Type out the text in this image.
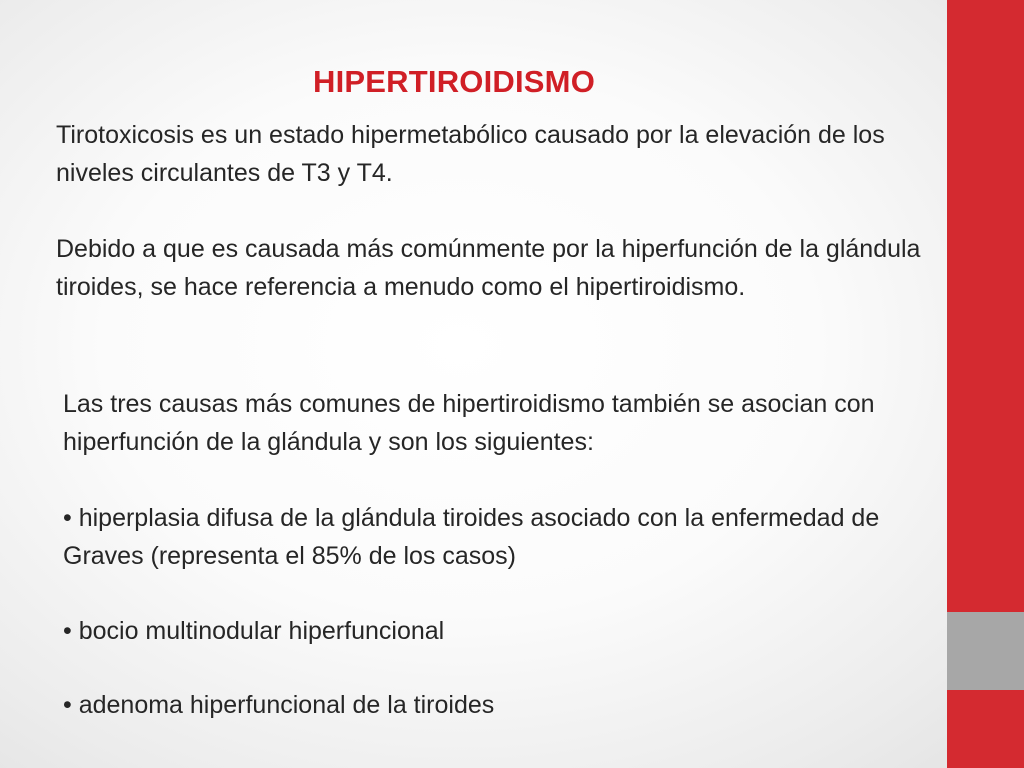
HIPERTIROIDISMO

Tirotoxicosis es un estado hipermetabólico causado por la elevación de los niveles circulantes de T3 y T4.

Debido a que es causada más comúnmente por la hiperfunción de la glándula tiroides, se hace referencia a menudo como el hipertiroidismo.

Las tres causas más comunes de hipertiroidismo también se asocian con hiperfunción de la glándula y son los siguientes:

• hiperplasia difusa de la glándula tiroides asociado con la enfermedad de Graves (representa el 85% de los casos)

• bocio multinodular hiperfuncional

• adenoma hiperfuncional de la tiroides
